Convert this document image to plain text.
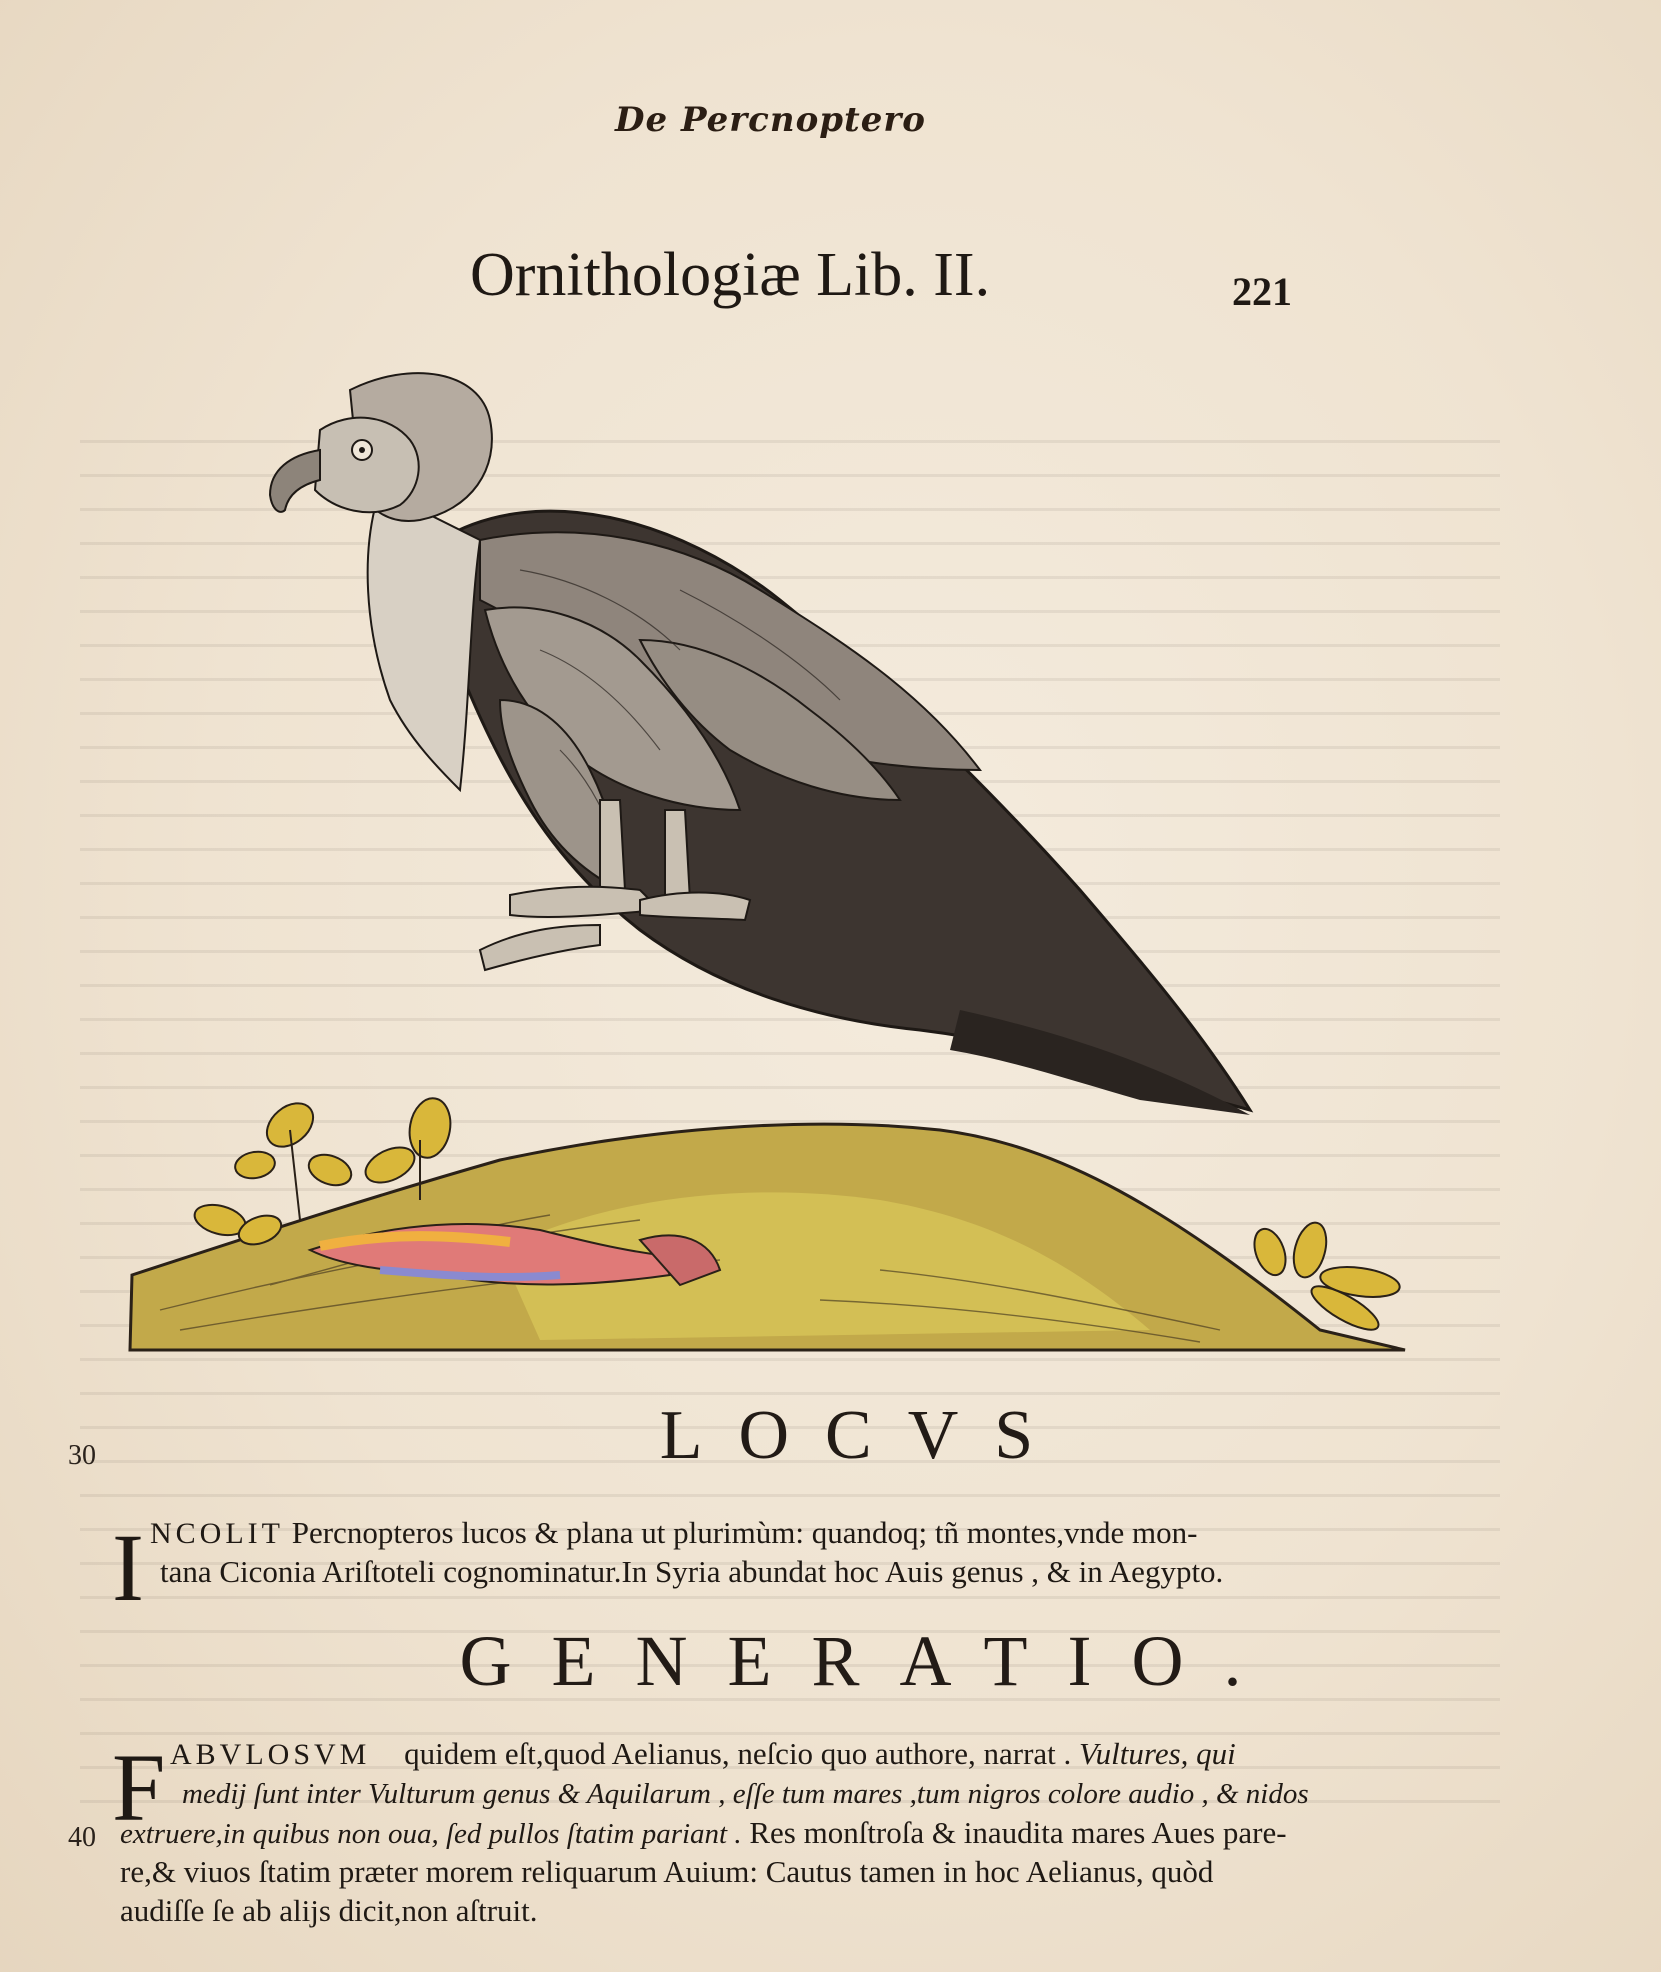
De Percnoptero
Ornithologiæ Lib. II.	221
LOCVS
30
I NCOLIT Percnopteros lucos & plana ut plurimùm: quandoq; tñ montes,vnde mon-
tana Ciconia Ariſtoteli cognominatur.In Syria abundat hoc Auis genus , & in Aegypto.
GENERATIO.
40 F ABVLOSVM quidem eſt,quod Aelianus, neſcio quo authore, narrat . Vultures, qui
medij ſunt inter Vulturum genus & Aquilarum , eſſe tum mares ,tum nigros colore audio , & nidos
extruere,in quibus non oua, ſed pullos ſtatim pariant . Res monſtroſa & inaudita mares Aues pare-
re,& viuos ſtatim præter morem reliquarum Auium: Cautus tamen in hoc Aelianus, quòd
audiſſe ſe ab alijs dicit,non aſtruit.
